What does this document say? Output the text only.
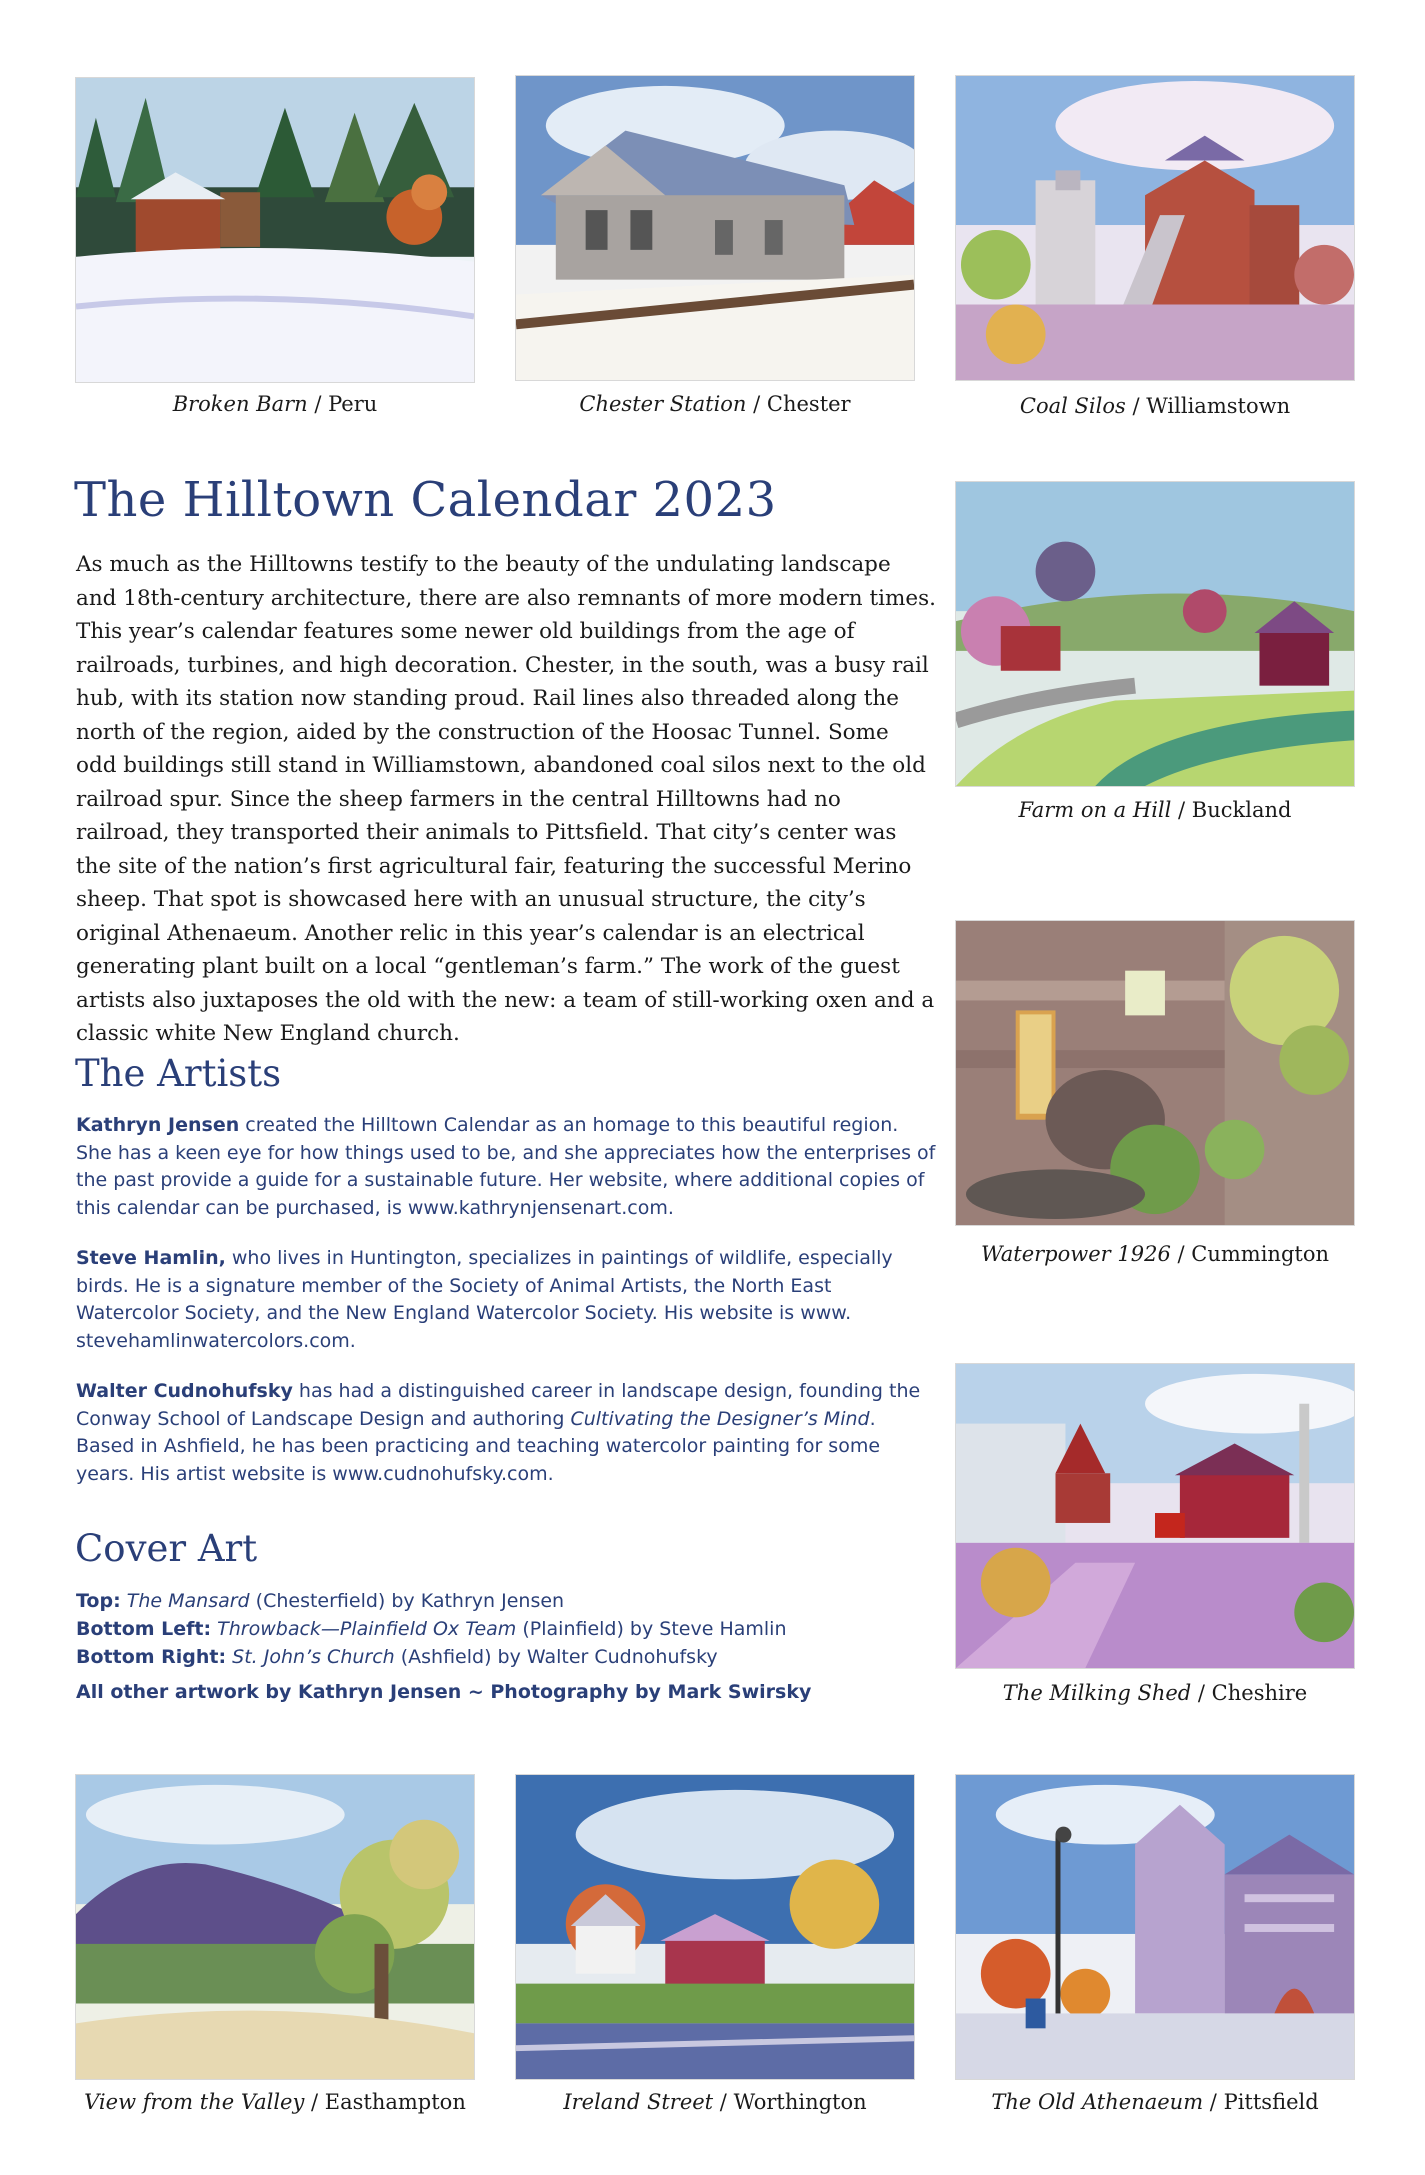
Broken Barn / Peru	Chester Station / Chester	Coal Silos / Williamstown
Farm on a Hill / Buckland
Waterpower 1926 / Cummington
The Milking Shed / Cheshire
View from the Valley / Easthampton	Ireland Street / Worthington	The Old Athenaeum / Pittsfield
The Hilltown Calendar 2023

As much as the Hilltowns testify to the beauty of the undulating landscape and 18th-century architecture, there are also remnants of more modern times. This year’s calendar features some newer old buildings from the age of railroads, turbines, and high decoration. Chester, in the south, was a busy rail hub, with its station now standing proud. Rail lines also threaded along the north of the region, aided by the construction of the Hoosac Tunnel. Some odd buildings still stand in Williamstown, abandoned coal silos next to the old railroad spur. Since the sheep farmers in the central Hilltowns had no railroad, they transported their animals to Pittsfield. That city’s center was the site of the nation’s first agricultural fair, featuring the successful Merino sheep. That spot is showcased here with an unusual structure, the city’s original Athenaeum. Another relic in this year’s calendar is an electrical generating plant built on a local “gentleman’s farm.” The work of the guest artists also juxtaposes the old with the new: a team of still-working oxen and a classic white New England church.

The Artists

Kathryn Jensen created the Hilltown Calendar as an homage to this beautiful region. She has a keen eye for how things used to be, and she appreciates how the enterprises of the past provide a guide for a sustainable future. Her website, where additional copies of this calendar can be purchased, is www.kathrynjensenart.com.

Steve Hamlin, who lives in Huntington, specializes in paintings of wildlife, especially birds. He is a signature member of the Society of Animal Artists, the North East Watercolor Society, and the New England Watercolor Society. His website is www. stevehamlinwatercolors.com.

Walter Cudnohufsky has had a distinguished career in landscape design, founding the Conway School of Landscape Design and authoring Cultivating the Designer’s Mind. Based in Ashfield, he has been practicing and teaching watercolor painting for some years. His artist website is www.cudnohufsky.com.

Cover Art
Top: The Mansard (Chesterfield) by Kathryn Jensen
Bottom Left: Throwback—Plainfield Ox Team (Plainfield) by Steve Hamlin
Bottom Right: St. John’s Church (Ashfield) by Walter Cudnohufsky
All other artwork by Kathryn Jensen ~ Photography by Mark Swirsky
